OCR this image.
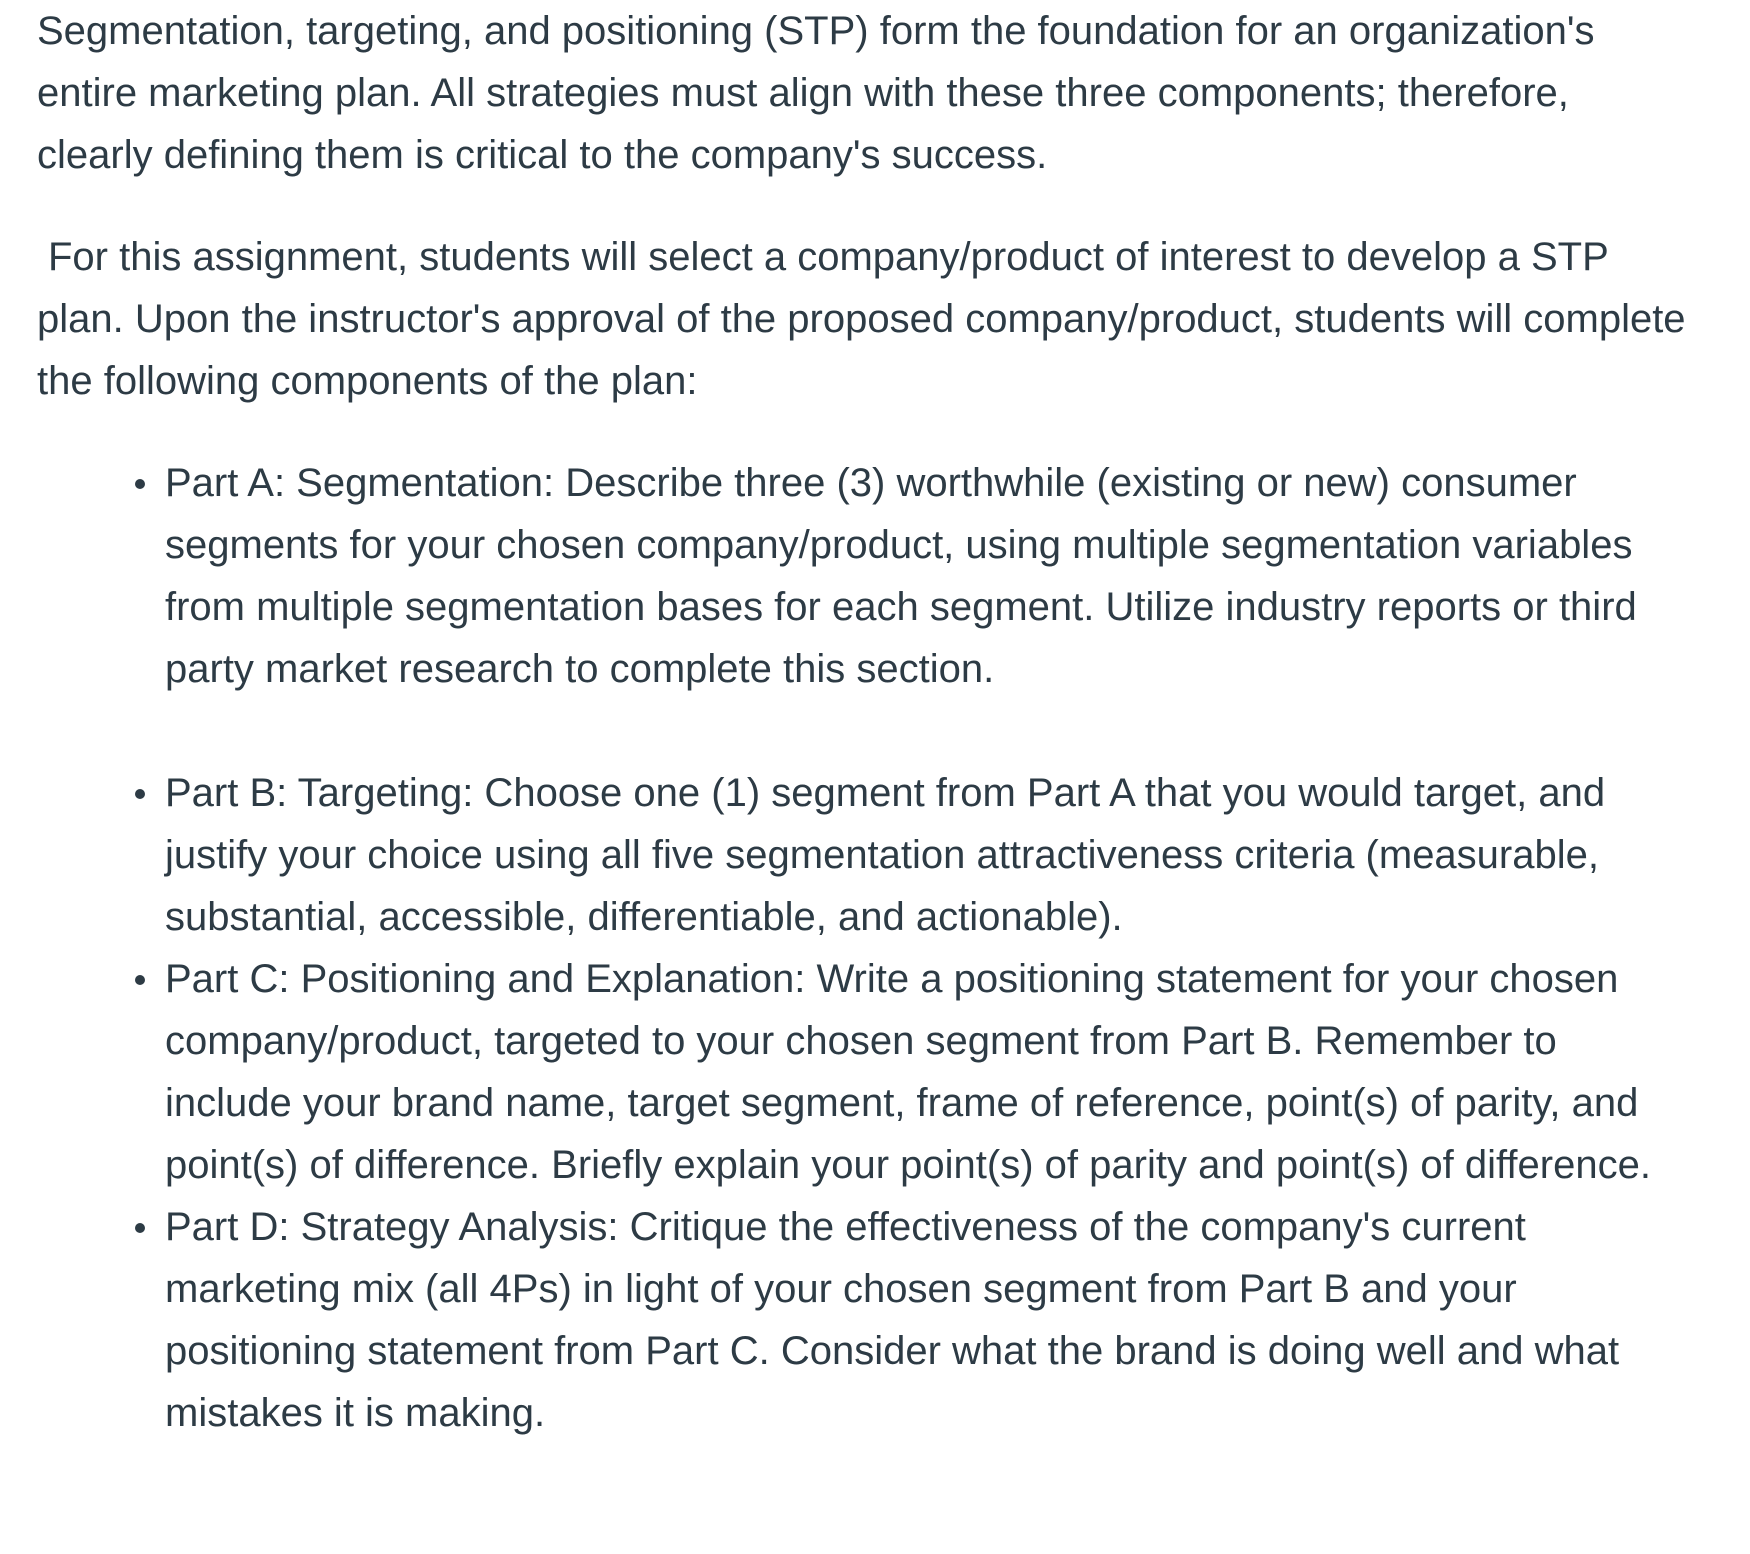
Segmentation, targeting, and positioning (STP) form the foundation for an organization's entire marketing plan. All strategies must align with these three components; therefore, clearly defining them is critical to the company's success.

For this assignment, students will select a company/product of interest to develop a STP plan. Upon the instructor's approval of the proposed company/product, students will complete the following components of the plan:

Part A: Segmentation: Describe three (3) worthwhile (existing or new) consumer segments for your chosen company/product, using multiple segmentation variables from multiple segmentation bases for each segment. Utilize industry reports or third party market research to complete this section.
Part B: Targeting: Choose one (1) segment from Part A that you would target, and justify your choice using all five segmentation attractiveness criteria (measurable, substantial, accessible, differentiable, and actionable).
Part C: Positioning and Explanation: Write a positioning statement for your chosen company/product, targeted to your chosen segment from Part B. Remember to include your brand name, target segment, frame of reference, point(s) of parity, and point(s) of difference. Briefly explain your point(s) of parity and point(s) of difference.
Part D: Strategy Analysis: Critique the effectiveness of the company's current marketing mix (all 4Ps) in light of your chosen segment from Part B and your positioning statement from Part C. Consider what the brand is doing well and what mistakes it is making.
